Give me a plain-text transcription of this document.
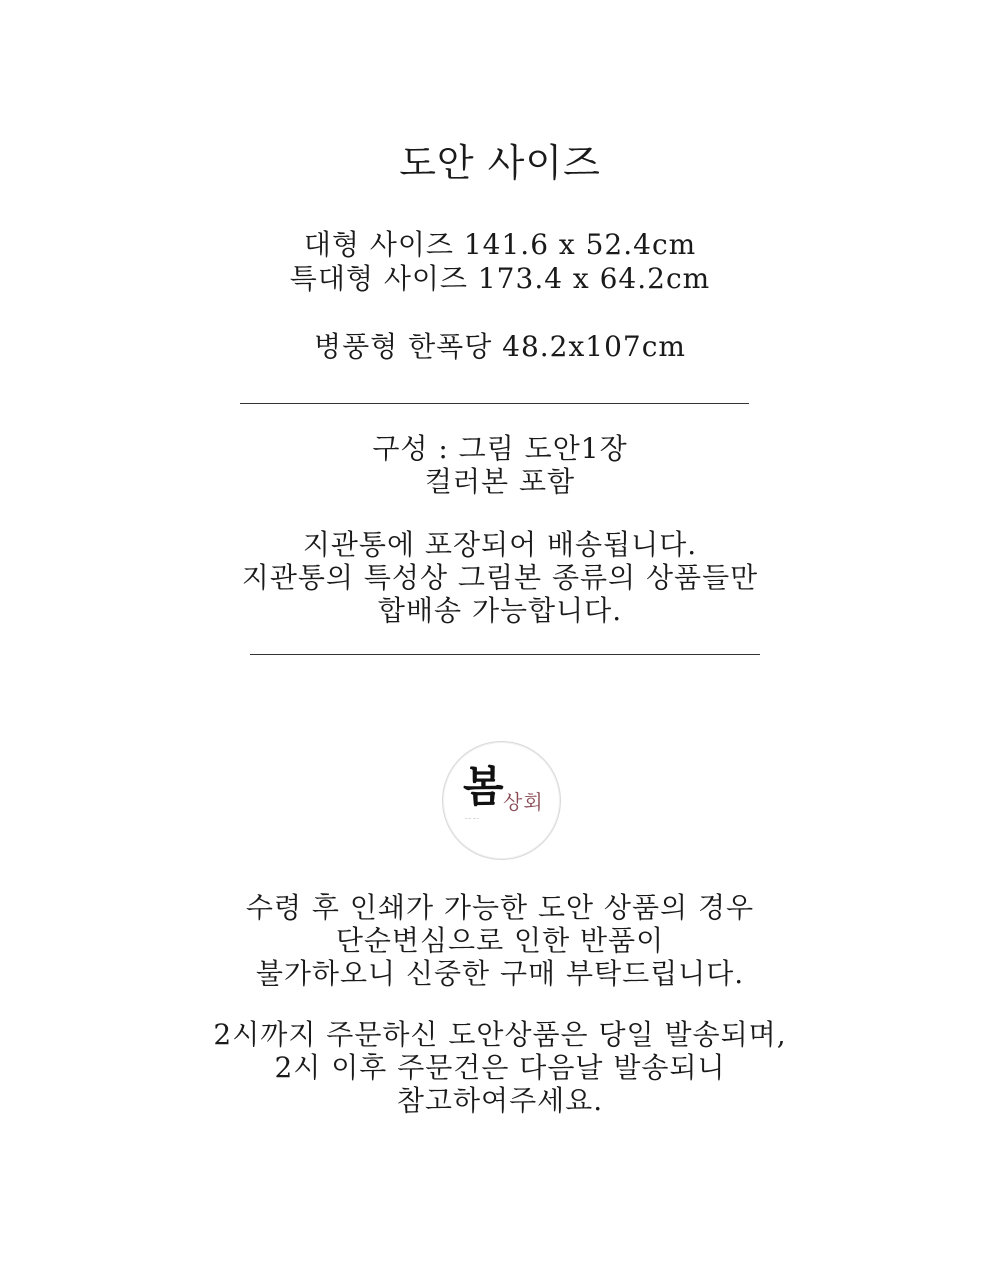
도안 사이즈
대형 사이즈 141.6 x 52.4cm
특대형 사이즈 173.4 x 64.2cm
병풍형 한폭당 48.2x107cm
구성 : 그림 도안1장
컬러본 포함
지관통에 포장되어 배송됩니다.
지관통의 특성상 그림본 종류의 상품들만
합배송 가능합니다.
봄 상회
····· ·····
수령 후 인쇄가 가능한 도안 상품의 경우
단순변심으로 인한 반품이
불가하오니 신중한 구매 부탁드립니다.
2시까지 주문하신 도안상품은 당일 발송되며,
2시 이후 주문건은 다음날 발송되니
참고하여주세요.
